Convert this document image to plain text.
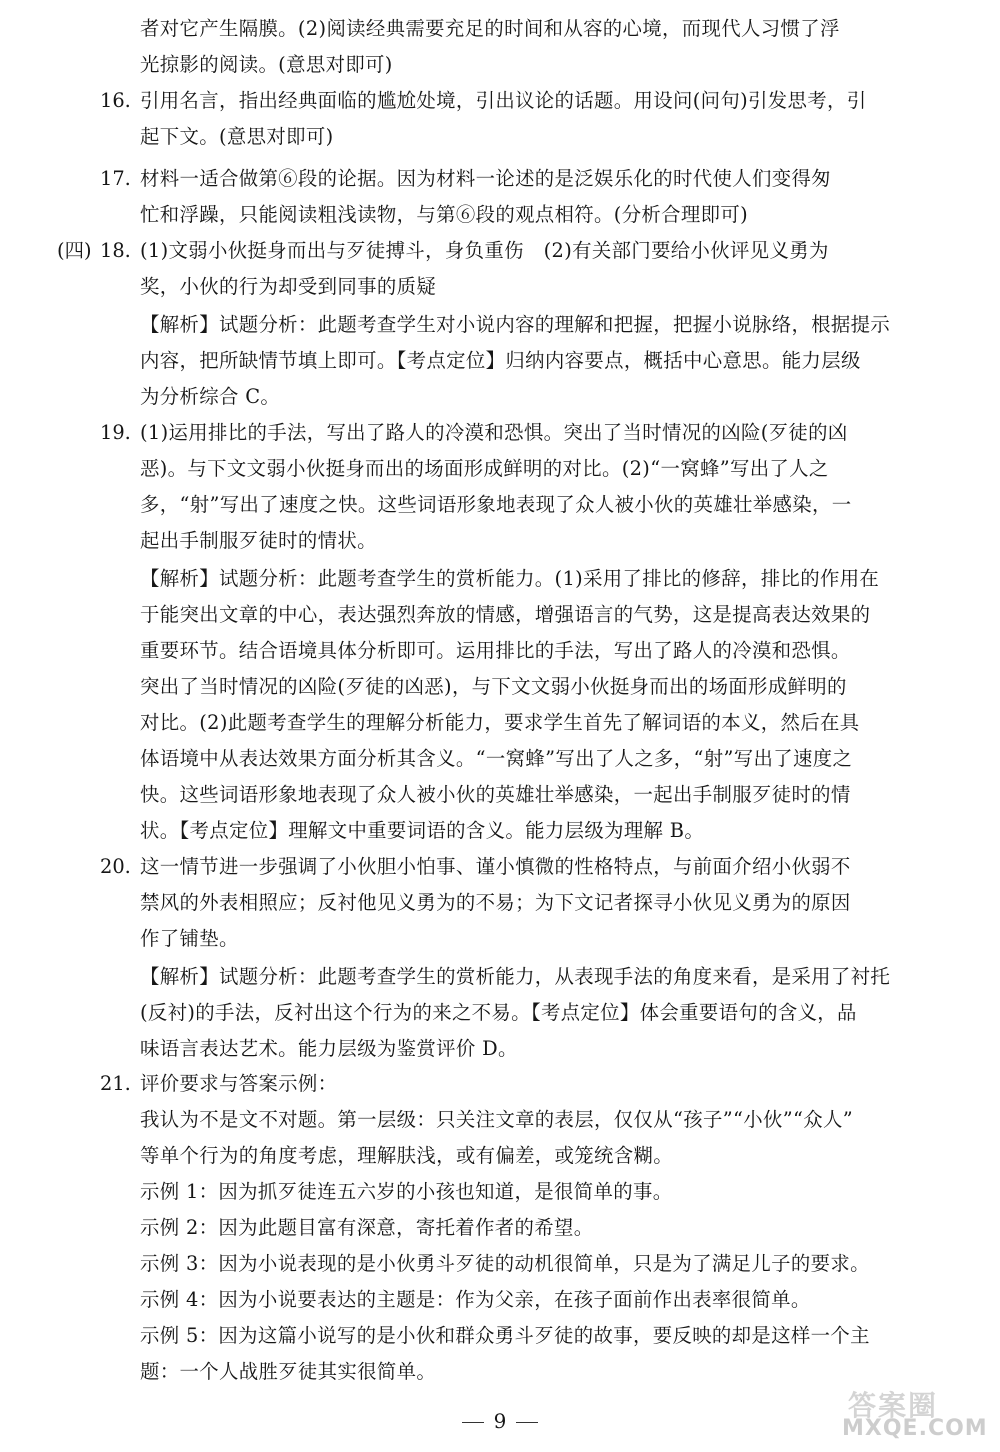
16.
17.
(四) 18.
19.
20.
21.
者对它产生隔膜。(2)阅读经典需要充足的时间和从容的心境，而现代人习惯了浮
光掠影的阅读。(意思对即可)
引用名言，指出经典面临的尴尬处境，引出议论的话题。用设问(问句)引发思考，引
起下文。(意思对即可)
材料一适合做第⑥段的论据。因为材料一论述的是泛娱乐化的时代使人们变得匆
忙和浮躁，只能阅读粗浅读物，与第⑥段的观点相符。(分析合理即可)
(1)文弱小伙挺身而出与歹徒搏斗，身负重伤　(2)有关部门要给小伙评见义勇为
奖，小伙的行为却受到同事的质疑
【解析】试题分析：此题考查学生对小说内容的理解和把握，把握小说脉络，根据提示
内容，把所缺情节填上即可。【考点定位】归纳内容要点，概括中心意思。能力层级
为分析综合 C。
(1)运用排比的手法，写出了路人的冷漠和恐惧。突出了当时情况的凶险(歹徒的凶
恶)。与下文文弱小伙挺身而出的场面形成鲜明的对比。(2)“一窝蜂”写出了人之
多，“射”写出了速度之快。这些词语形象地表现了众人被小伙的英雄壮举感染，一
起出手制服歹徒时的情状。
【解析】试题分析：此题考查学生的赏析能力。(1)采用了排比的修辞，排比的作用在
于能突出文章的中心，表达强烈奔放的情感，增强语言的气势，这是提高表达效果的
重要环节。结合语境具体分析即可。运用排比的手法，写出了路人的冷漠和恐惧。
突出了当时情况的凶险(歹徒的凶恶)，与下文文弱小伙挺身而出的场面形成鲜明的
对比。(2)此题考查学生的理解分析能力，要求学生首先了解词语的本义，然后在具
体语境中从表达效果方面分析其含义。“一窝蜂”写出了人之多，“射”写出了速度之
快。这些词语形象地表现了众人被小伙的英雄壮举感染，一起出手制服歹徒时的情
状。【考点定位】理解文中重要词语的含义。能力层级为理解 B。
这一情节进一步强调了小伙胆小怕事、谨小慎微的性格特点，与前面介绍小伙弱不
禁风的外表相照应；反衬他见义勇为的不易；为下文记者探寻小伙见义勇为的原因
作了铺垫。
【解析】试题分析：此题考查学生的赏析能力，从表现手法的角度来看，是采用了衬托
(反衬)的手法，反衬出这个行为的来之不易。【考点定位】体会重要语句的含义，品
味语言表达艺术。能力层级为鉴赏评价 D。
评价要求与答案示例：
我认为不是文不对题。第一层级：只关注文章的表层，仅仅从“孩子”“小伙”“众人”
等单个行为的角度考虑，理解肤浅，或有偏差，或笼统含糊。
示例 1：因为抓歹徒连五六岁的小孩也知道，是很简单的事。
示例 2：因为此题目富有深意，寄托着作者的希望。
示例 3：因为小说表现的是小伙勇斗歹徒的动机很简单，只是为了满足儿子的要求。
示例 4：因为小说要表达的主题是：作为父亲，在孩子面前作出表率很简单。
示例 5：因为这篇小说写的是小伙和群众勇斗歹徒的故事，要反映的却是这样一个主
题：一个人战胜歹徒其实很简单。
9	答案圈
MXQE.COM
